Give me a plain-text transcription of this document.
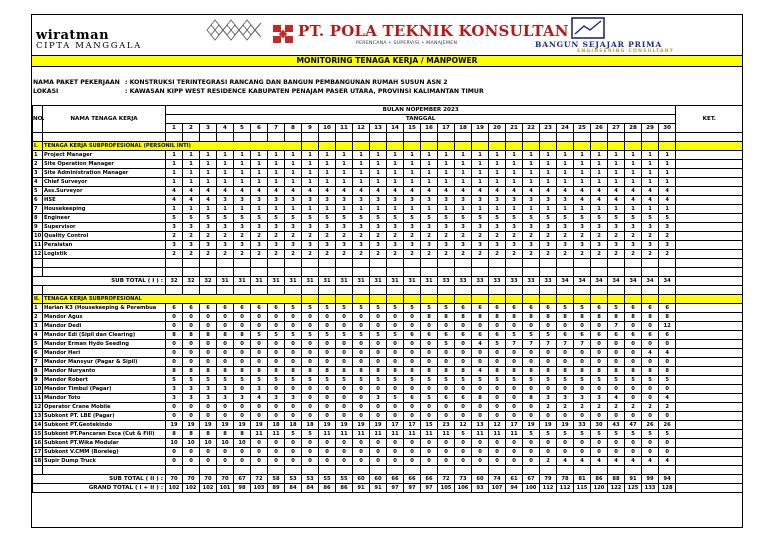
wiratman
CIPTA MANGGALA
PT. POLA TEKNIK KONSULTAN
PERENCANA • SUPERVISI • MANAJEMEN	BANGUN SEJAJAR PRIMA
ENGINEERING CONSULTANT
MONITORING TENAGA KERJA / MANPOWER
NAMA PAKET PEKERJAAN : KONSTRUKSI TERINTEGRASI RANCANG DAN BANGUN PEMBANGUNAN RUMAH SUSUN ASN 2
LOKASI	: KAWASAN KIPP WEST RESIDENCE KABUPATEN PENAJAM PASER UTARA, PROVINSI KALIMANTAN TIMUR
NO.	NAMA TENAGA KERJA	BULAN NOPEMBER 2023																														KET.
		TANGGAL																														
		1	2	3	4	5	6	7	8	9	10	11	12	13	14	15	16	17	18	19	20	21	22	23	24	25	26	27	28	29	30	

I.	TENAGA KERJA SUBPROFESIONAL (PERSONIL INTI)																															
1	Project Manager	1	1	1	1	1	1	1	1	1	1	1	1	1	1	1	1	1	1	1	1	1	1	1	1	1	1	1	1	1	1	
2	Site Operation Manager	1	1	1	1	1	1	1	1	1	1	1	1	1	1	1	1	1	1	1	1	1	1	1	1	1	1	1	1	1	1	
3	Site Administration Manager	1	1	1	1	1	1	1	1	1	1	1	1	1	1	1	1	1	1	1	1	1	1	1	1	1	1	1	1	1	1	
4	Chief Surveyor	1	1	1	1	1	1	1	1	1	1	1	1	1	1	1	1	1	1	1	1	1	1	1	1	1	1	1	1	1	1	
5	Ass.Surveyor	4	4	4	4	4	4	4	4	4	4	4	4	4	4	4	4	4	4	4	4	4	4	4	4	4	4	4	4	4	4	
6	HSE	4	4	4	3	3	3	3	3	3	3	3	3	3	3	3	3	3	3	3	3	3	3	3	3	4	4	4	4	4	4	
7	Housekeeping	1	1	1	1	1	1	1	1	1	1	1	1	1	1	1	1	1	1	1	1	1	1	1	1	1	1	1	1	1	1	
8	Engineer	5	5	5	5	5	5	5	5	5	5	5	5	5	5	5	5	5	5	5	5	5	5	5	5	5	5	5	5	5	5	
9	Supervisor	3	3	3	3	3	3	3	3	3	3	3	3	3	3	3	3	3	3	3	3	3	3	3	3	3	3	3	3	3	3	
10	Quality Control	2	2	2	2	2	2	2	2	2	2	2	2	2	2	2	2	2	2	2	2	2	2	2	2	2	2	2	2	2	2	
11	Peralatan	3	3	3	3	3	3	3	3	3	3	3	3	3	3	3	3	3	3	3	3	3	3	3	3	3	3	3	3	3	3	
12	Logistik	2	2	2	2	2	2	2	2	2	2	2	2	2	2	2	2	2	2	2	2	2	2	2	2	2	2	2	2	2	2	

SUB TOTAL ( I ) :		32	32	32	31	31	31	31	31	31	31	31	31	31	31	31	31	33	33	33	33	33	33	33	34	34	34	34	34	34	34	

II.	TENAGA KERJA SUBPROFESIONAL																															
1	Harian K3 (Housekeeping & Perambua	6	6	6	6	6	6	6	5	5	5	5	5	5	5	5	5	5	6	6	6	6	6	6	5	5	6	5	6	6	6	
2	Mandor Agus	0	0	0	0	0	0	0	0	0	0	0	0	0	0	0	8	8	8	8	8	8	8	8	8	8	8	8	8	8	8	
3	Mandor Dedi	0	0	0	0	0	0	0	0	0	0	0	0	0	0	0	0	0	0	0	0	0	0	0	0	0	0	7	0	0	12	
4	Mandor Edi (Sipil dan Clearing)	8	8	8	8	8	5	5	5	5	5	5	5	5	5	6	6	6	6	6	6	5	5	5	6	6	6	6	6	6	6	
5	Mandor Erman Hydo Seeding	0	0	0	0	0	0	0	0	0	0	0	0	0	0	0	0	5	0	4	5	7	7	7	7	7	0	0	0	0	0	
6	Mandor Heri	0	0	0	0	0	0	0	0	0	0	0	0	0	0	0	0	0	0	0	0	0	0	0	0	0	0	0	0	4	4	
7	Mandor Mansyur (Pagar & Sipil)	0	0	0	0	0	0	0	0	0	0	0	0	0	0	0	0	0	0	0	0	0	0	0	0	0	0	0	0	0	0	
8	Mandor Nuryanto	8	8	8	8	8	8	8	8	8	8	8	8	8	8	8	8	8	8	4	8	8	8	8	8	8	8	8	8	8	8	
9	Mandor Robert	5	5	5	5	5	5	5	5	5	5	5	5	5	5	5	5	5	5	5	5	5	5	5	5	5	5	5	5	5	5	
10	Mandor Timbul (Pagar)	3	3	3	3	0	3	0	0	0	0	0	0	0	0	0	0	0	0	0	0	0	0	0	0	0	0	0	0	0	0	
11	Mandor Toto	3	3	3	3	3	4	3	3	0	0	0	0	3	5	6	5	6	6	8	0	0	8	3	3	3	3	4	0	0	4	
12	Operator Crane Mobile	0	0	0	0	0	0	0	0	0	0	0	0	0	0	0	0	0	0	0	0	0	0	2	2	2	2	2	2	2	2	
13	Subkont PT. LBE (Pagar)	0	0	0	0	0	0	0	0	0	0	0	0	0	0	0	0	0	0	0	0	0	0	0	0	0	0	0	0	0	0	
14	Subkont PT.Geotekindo	19	19	19	19	19	19	18	18	18	19	19	19	19	17	17	15	23	12	13	12	17	19	19	19	33	30	43	47	26	26	
15	Subkont PT.Pancaran Exca (Cut & Fill)	8	8	8	8	8	11	11	5	5	11	11	11	11	11	11	11	11	5	11	11	11	5	5	5	5	5	5	5	5	5	
16	Subkont PT.Wika Modular	10	10	10	10	10	0	0	0	0	0	0	0	0	0	0	0	0	0	0	0	0	0	0	0	0	0	0	0	0	0	
17	Subkont V.CMM (Boreleg)	0	0	0	0	0	0	0	0	0	0	0	0	0	0	0	0	0	0	0	0	0	0	0	0	0	0	0	0	0	0	
18	Supir Dump Truck	0	0	0	0	0	0	0	0	0	0	0	0	0	0	0	0	0	0	0	0	0	0	2	4	4	4	4	4	4	4	

SUB TOTAL ( II ) :		70	70	70	70	67	72	58	53	53	55	55	60	60	66	66	66	72	73	60	74	61	67	79	78	81	86	88	91	99	94	
GRAND TOTAL ( I + II ) :		102	102	102	101	98	103	89	84	84	86	86	91	91	97	97	97	105	106	93	107	94	100	112	112	115	120	122	125	133	128	
